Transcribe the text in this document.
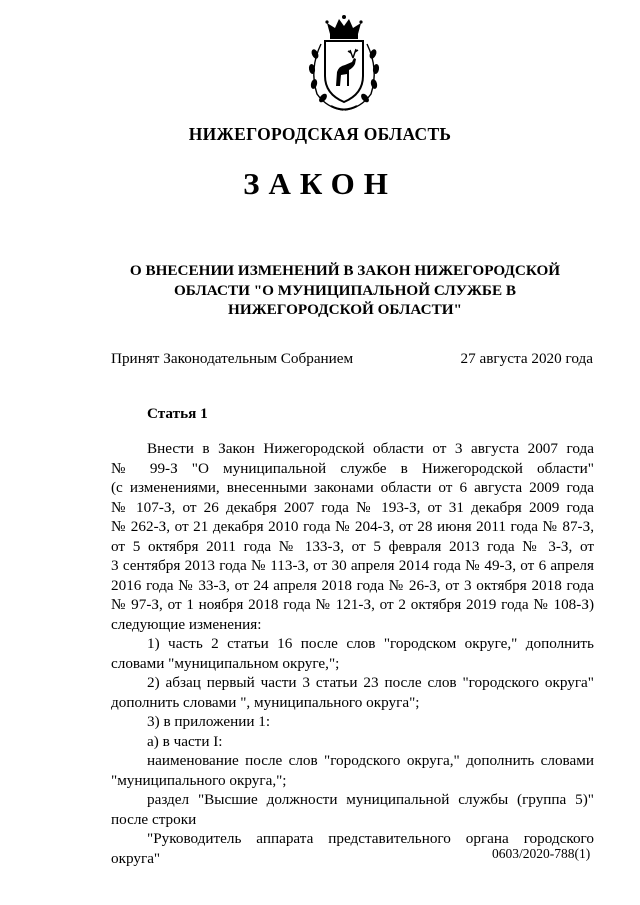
НИЖЕГОРОДСКАЯ ОБЛАСТЬ
ЗАКОН
О ВНЕСЕНИИ ИЗМЕНЕНИЙ В ЗАКОН НИЖЕГОРОДСКОЙ
ОБЛАСТИ "О МУНИЦИПАЛЬНОЙ СЛУЖБЕ В
НИЖЕГОРОДСКОЙ ОБЛАСТИ"
Принят Законодательным Собранием	27 августа 2020 года
Статья 1
Внести в Закон Нижегородской области от 3 августа 2007 года
№ 99-З "О муниципальной службе в Нижегородской области"
(с изменениями, внесенными законами области от 6 августа 2009 года
№ 107-З, от 26 декабря 2007 года № 193-З, от 31 декабря 2009 года
№ 262-З, от 21 декабря 2010 года № 204-З, от 28 июня 2011 года № 87-З,
от 5 октября 2011 года № 133-З, от 5 февраля 2013 года № 3-З, от
3 сентября 2013 года № 113-З, от 30 апреля 2014 года № 49-З, от 6 апреля
2016 года № 33-З, от 24 апреля 2018 года № 26-З, от 3 октября 2018 года
№ 97-З, от 1 ноября 2018 года № 121-З, от 2 октября 2019 года № 108-З)
следующие изменения:
1) часть 2 статьи 16 после слов "городском округе," дополнить
словами "муниципальном округе,";
2) абзац первый части 3 статьи 23 после слов "городского округа"
дополнить словами ", муниципального округа";
3) в приложении 1:
а) в части I:
наименование после слов "городского округа," дополнить словами
"муниципального округа,";
раздел "Высшие должности муниципальной службы (группа 5)"
после строки
"Руководитель аппарата представительного органа городского
округа"	0603/2020-788(1)
